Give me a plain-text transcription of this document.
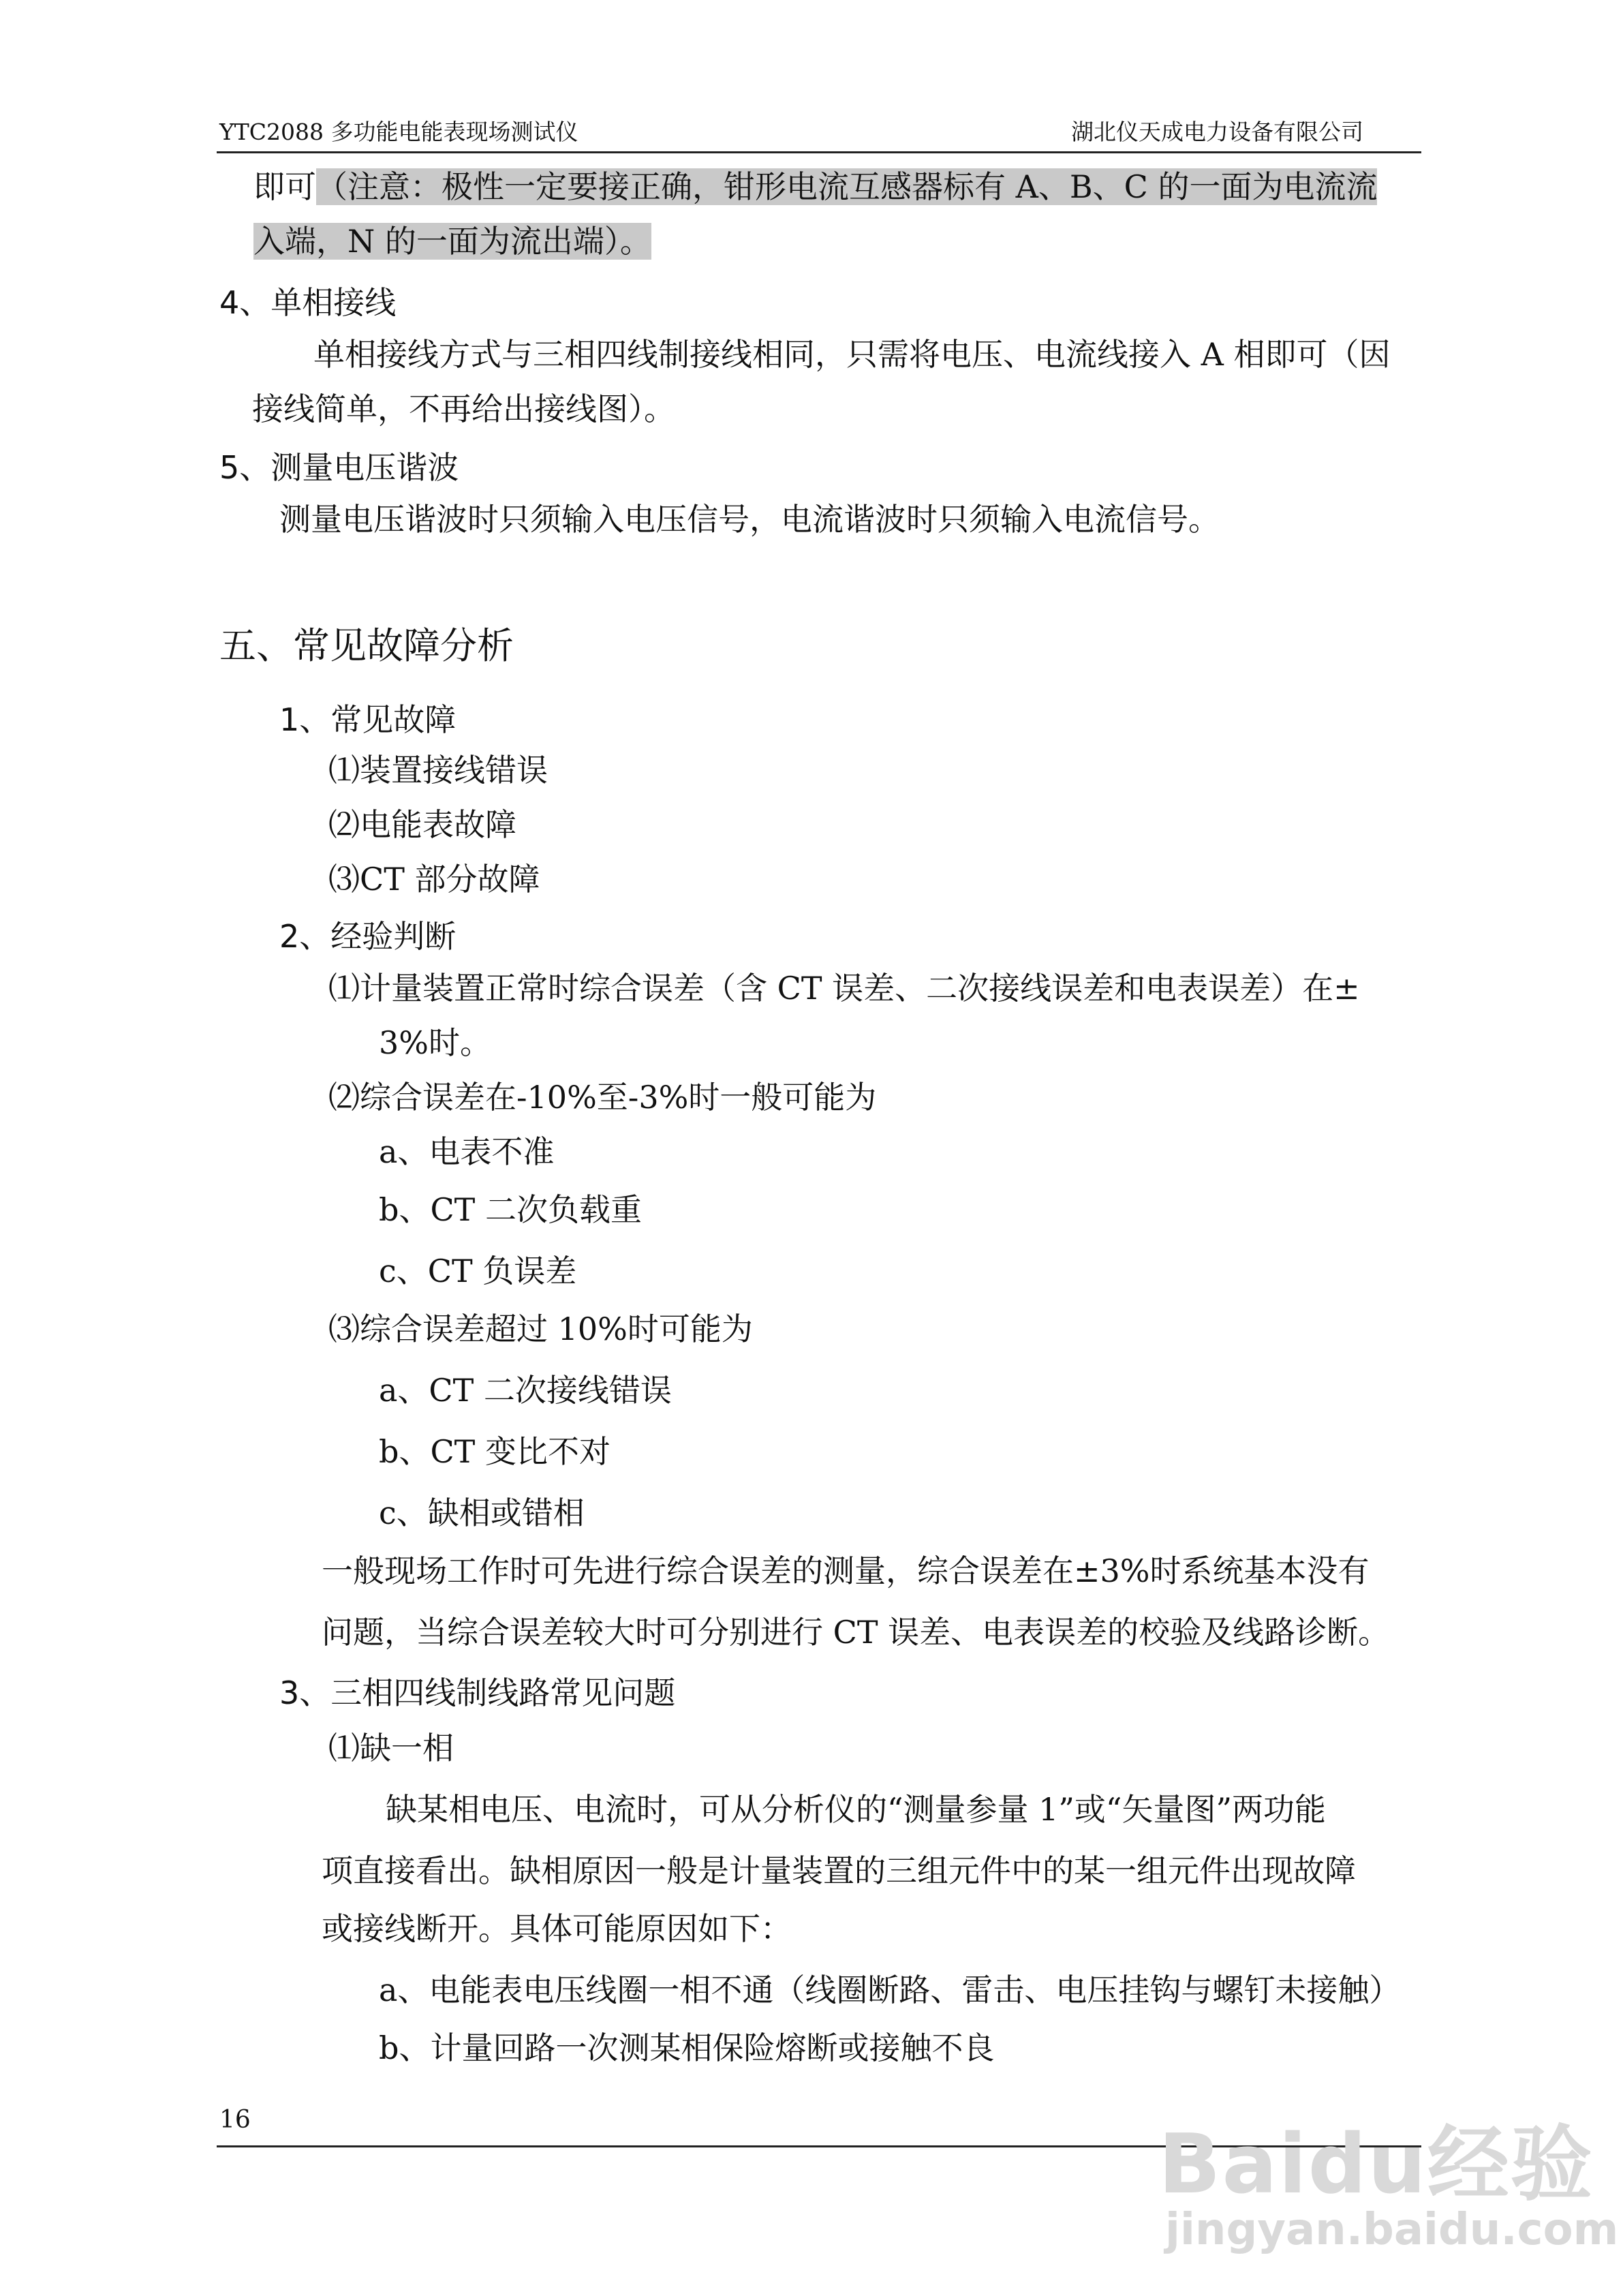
YTC2088 多功能电能表现场测试仪	湖北仪天成电力设备有限公司
即可（注意：极性一定要接正确，钳形电流互感器标有 A、B、C 的一面为电流流
入端，N 的一面为流出端）。
4、单相接线
单相接线方式与三相四线制接线相同，只需将电压、电流线接入 A 相即可（因
接线简单，不再给出接线图）。
5、测量电压谐波
测量电压谐波时只须输入电压信号，电流谐波时只须输入电流信号。
五、常见故障分析
1、常见故障
⑴装置接线错误
⑵电能表故障
⑶CT 部分故障
2、经验判断
⑴计量装置正常时综合误差（含 CT 误差、二次接线误差和电表误差）在±
3%时。
⑵综合误差在-10%至-3%时一般可能为
a、电表不准
b、CT 二次负载重
c、CT 负误差
⑶综合误差超过 10%时可能为
a、CT 二次接线错误
b、CT 变比不对
c、缺相或错相
一般现场工作时可先进行综合误差的测量，综合误差在±3%时系统基本没有
问题，当综合误差较大时可分别进行 CT 误差、电表误差的校验及线路诊断。
3、三相四线制线路常见问题
⑴缺一相
缺某相电压、电流时，可从分析仪的“测量参量 1”或“矢量图”两功能
项直接看出。缺相原因一般是计量装置的三组元件中的某一组元件出现故障
或接线断开。具体可能原因如下：
a、电能表电压线圈一相不通（线圈断路、雷击、电压挂钩与螺钉未接触）
b、计量回路一次测某相保险熔断或接触不良
16	Baidu经验
jingyan.baidu.com
